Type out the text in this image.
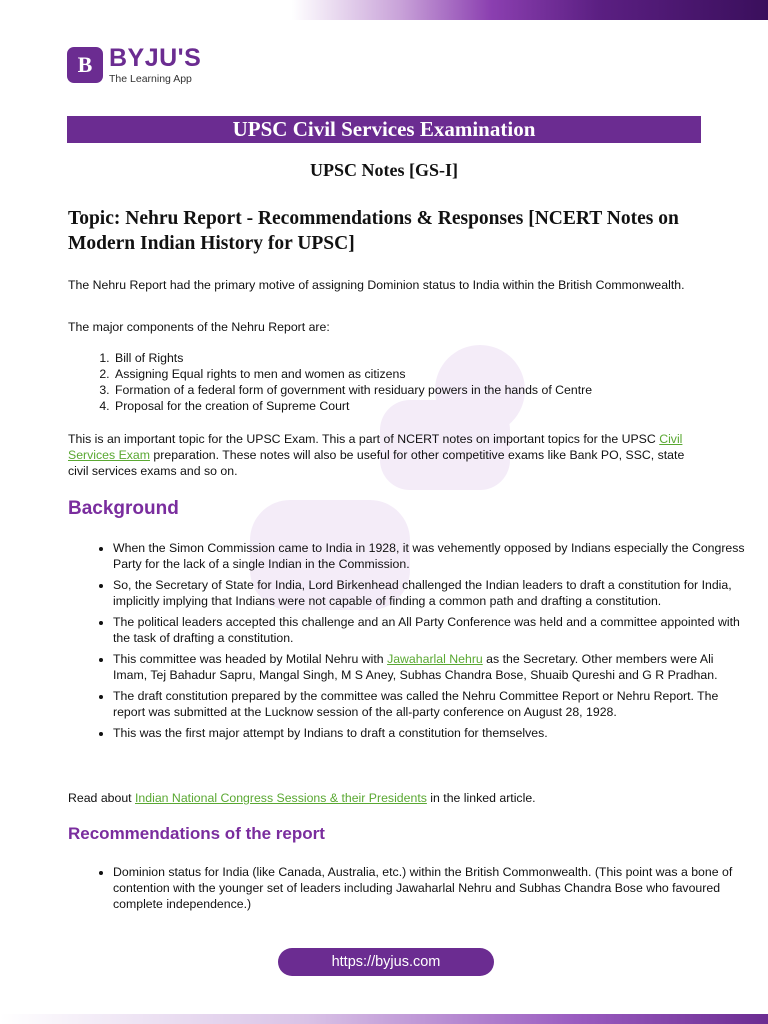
B BYJU'S
The Learning App
UPSC Civil Services Examination
UPSC Notes [GS-I]
Topic: Nehru Report - Recommendations & Responses [NCERT Notes on Modern Indian History for UPSC]

The Nehru Report had the primary motive of assigning Dominion status to India within the British Commonwealth.

The major components of the Nehru Report are:

1. Bill of Rights
2. Assigning Equal rights to men and women as citizens
3. Formation of a federal form of government with residuary powers in the hands of Centre
4. Proposal for the creation of Supreme Court

This is an important topic for the UPSC Exam. This a part of NCERT notes on important topics for the UPSC Civil Services Exam preparation. These notes will also be useful for other competitive exams like Bank PO, SSC, state civil services exams and so on.

Background
• When the Simon Commission came to India in 1928, it was vehemently opposed by Indians especially the Congress Party for the lack of a single Indian in the Commission.
• So, the Secretary of State for India, Lord Birkenhead challenged the Indian leaders to draft a constitution for India, implicitly implying that Indians were not capable of finding a common path and drafting a constitution.
• The political leaders accepted this challenge and an All Party Conference was held and a committee appointed with the task of drafting a constitution.
• This committee was headed by Motilal Nehru with Jawaharlal Nehru as the Secretary. Other members were Ali Imam, Tej Bahadur Sapru, Mangal Singh, M S Aney, Subhas Chandra Bose, Shuaib Qureshi and G R Pradhan.
• The draft constitution prepared by the committee was called the Nehru Committee Report or Nehru Report. The report was submitted at the Lucknow session of the all-party conference on August 28, 1928.
• This was the first major attempt by Indians to draft a constitution for themselves.

Read about Indian National Congress Sessions & their Presidents in the linked article.

Recommendations of the report
• Dominion status for India (like Canada, Australia, etc.) within the British Commonwealth. (This point was a bone of contention with the younger set of leaders including Jawaharlal Nehru and Subhas Chandra Bose who favoured complete independence.)
https://byjus.com
